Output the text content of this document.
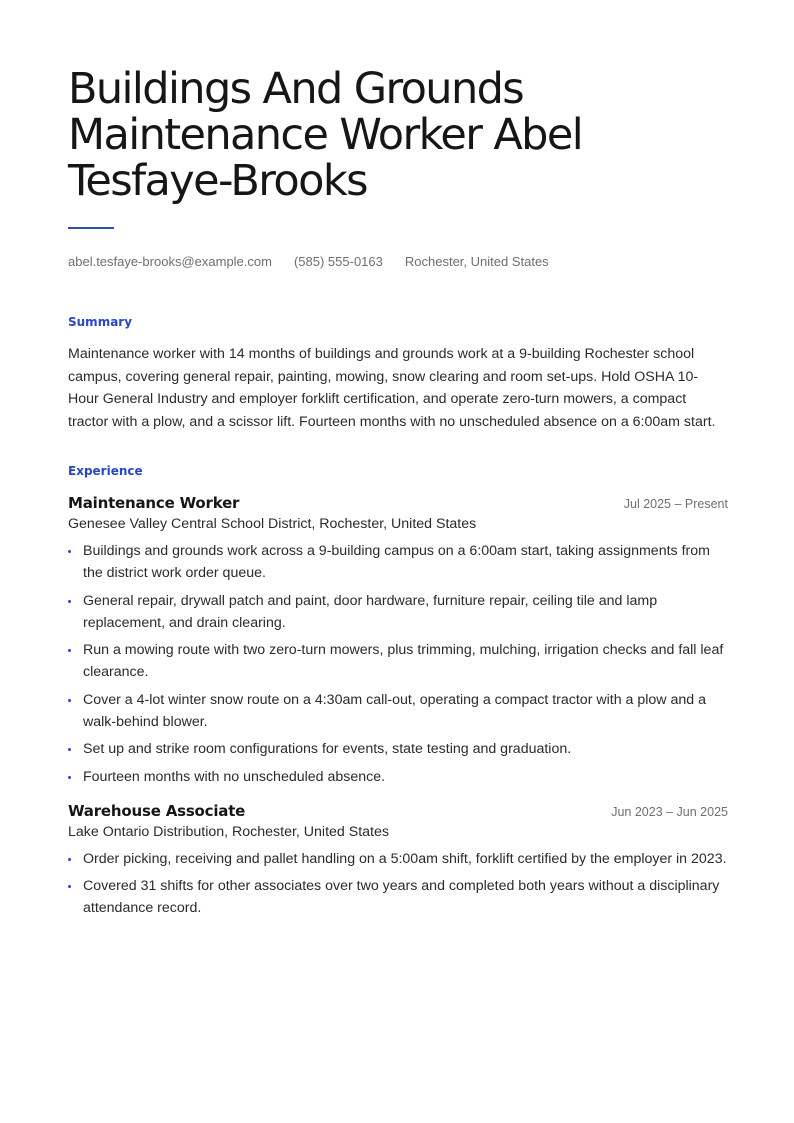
Buildings And Grounds Maintenance Worker Abel Tesfaye-Brooks
abel.tesfaye-brooks@example.com (585) 555-0163 Rochester, United States
Summary

Maintenance worker with 14 months of buildings and grounds work at a 9-building Rochester school campus, covering general repair, painting, mowing, snow clearing and room set-ups. Hold OSHA 10-Hour General Industry and employer forklift certification, and operate zero-turn mowers, a compact tractor with a plow, and a scissor lift. Fourteen months with no unscheduled absence on a 6:00am start.

Experience
Maintenance Worker	Jul 2025 – Present
Genesee Valley Central School District, Rochester, United States
Buildings and grounds work across a 9-building campus on a 6:00am start, taking assignments from the district work order queue.
General repair, drywall patch and paint, door hardware, furniture repair, ceiling tile and lamp replacement, and drain clearing.
Run a mowing route with two zero-turn mowers, plus trimming, mulching, irrigation checks and fall leaf clearance.
Cover a 4-lot winter snow route on a 4:30am call-out, operating a compact tractor with a plow and a walk-behind blower.
Set up and strike room configurations for events, state testing and graduation.
Fourteen months with no unscheduled absence.
Warehouse Associate	Jun 2023 – Jun 2025
Lake Ontario Distribution, Rochester, United States
Order picking, receiving and pallet handling on a 5:00am shift, forklift certified by the employer in 2023.
Covered 31 shifts for other associates over two years and completed both years without a disciplinary attendance record.
